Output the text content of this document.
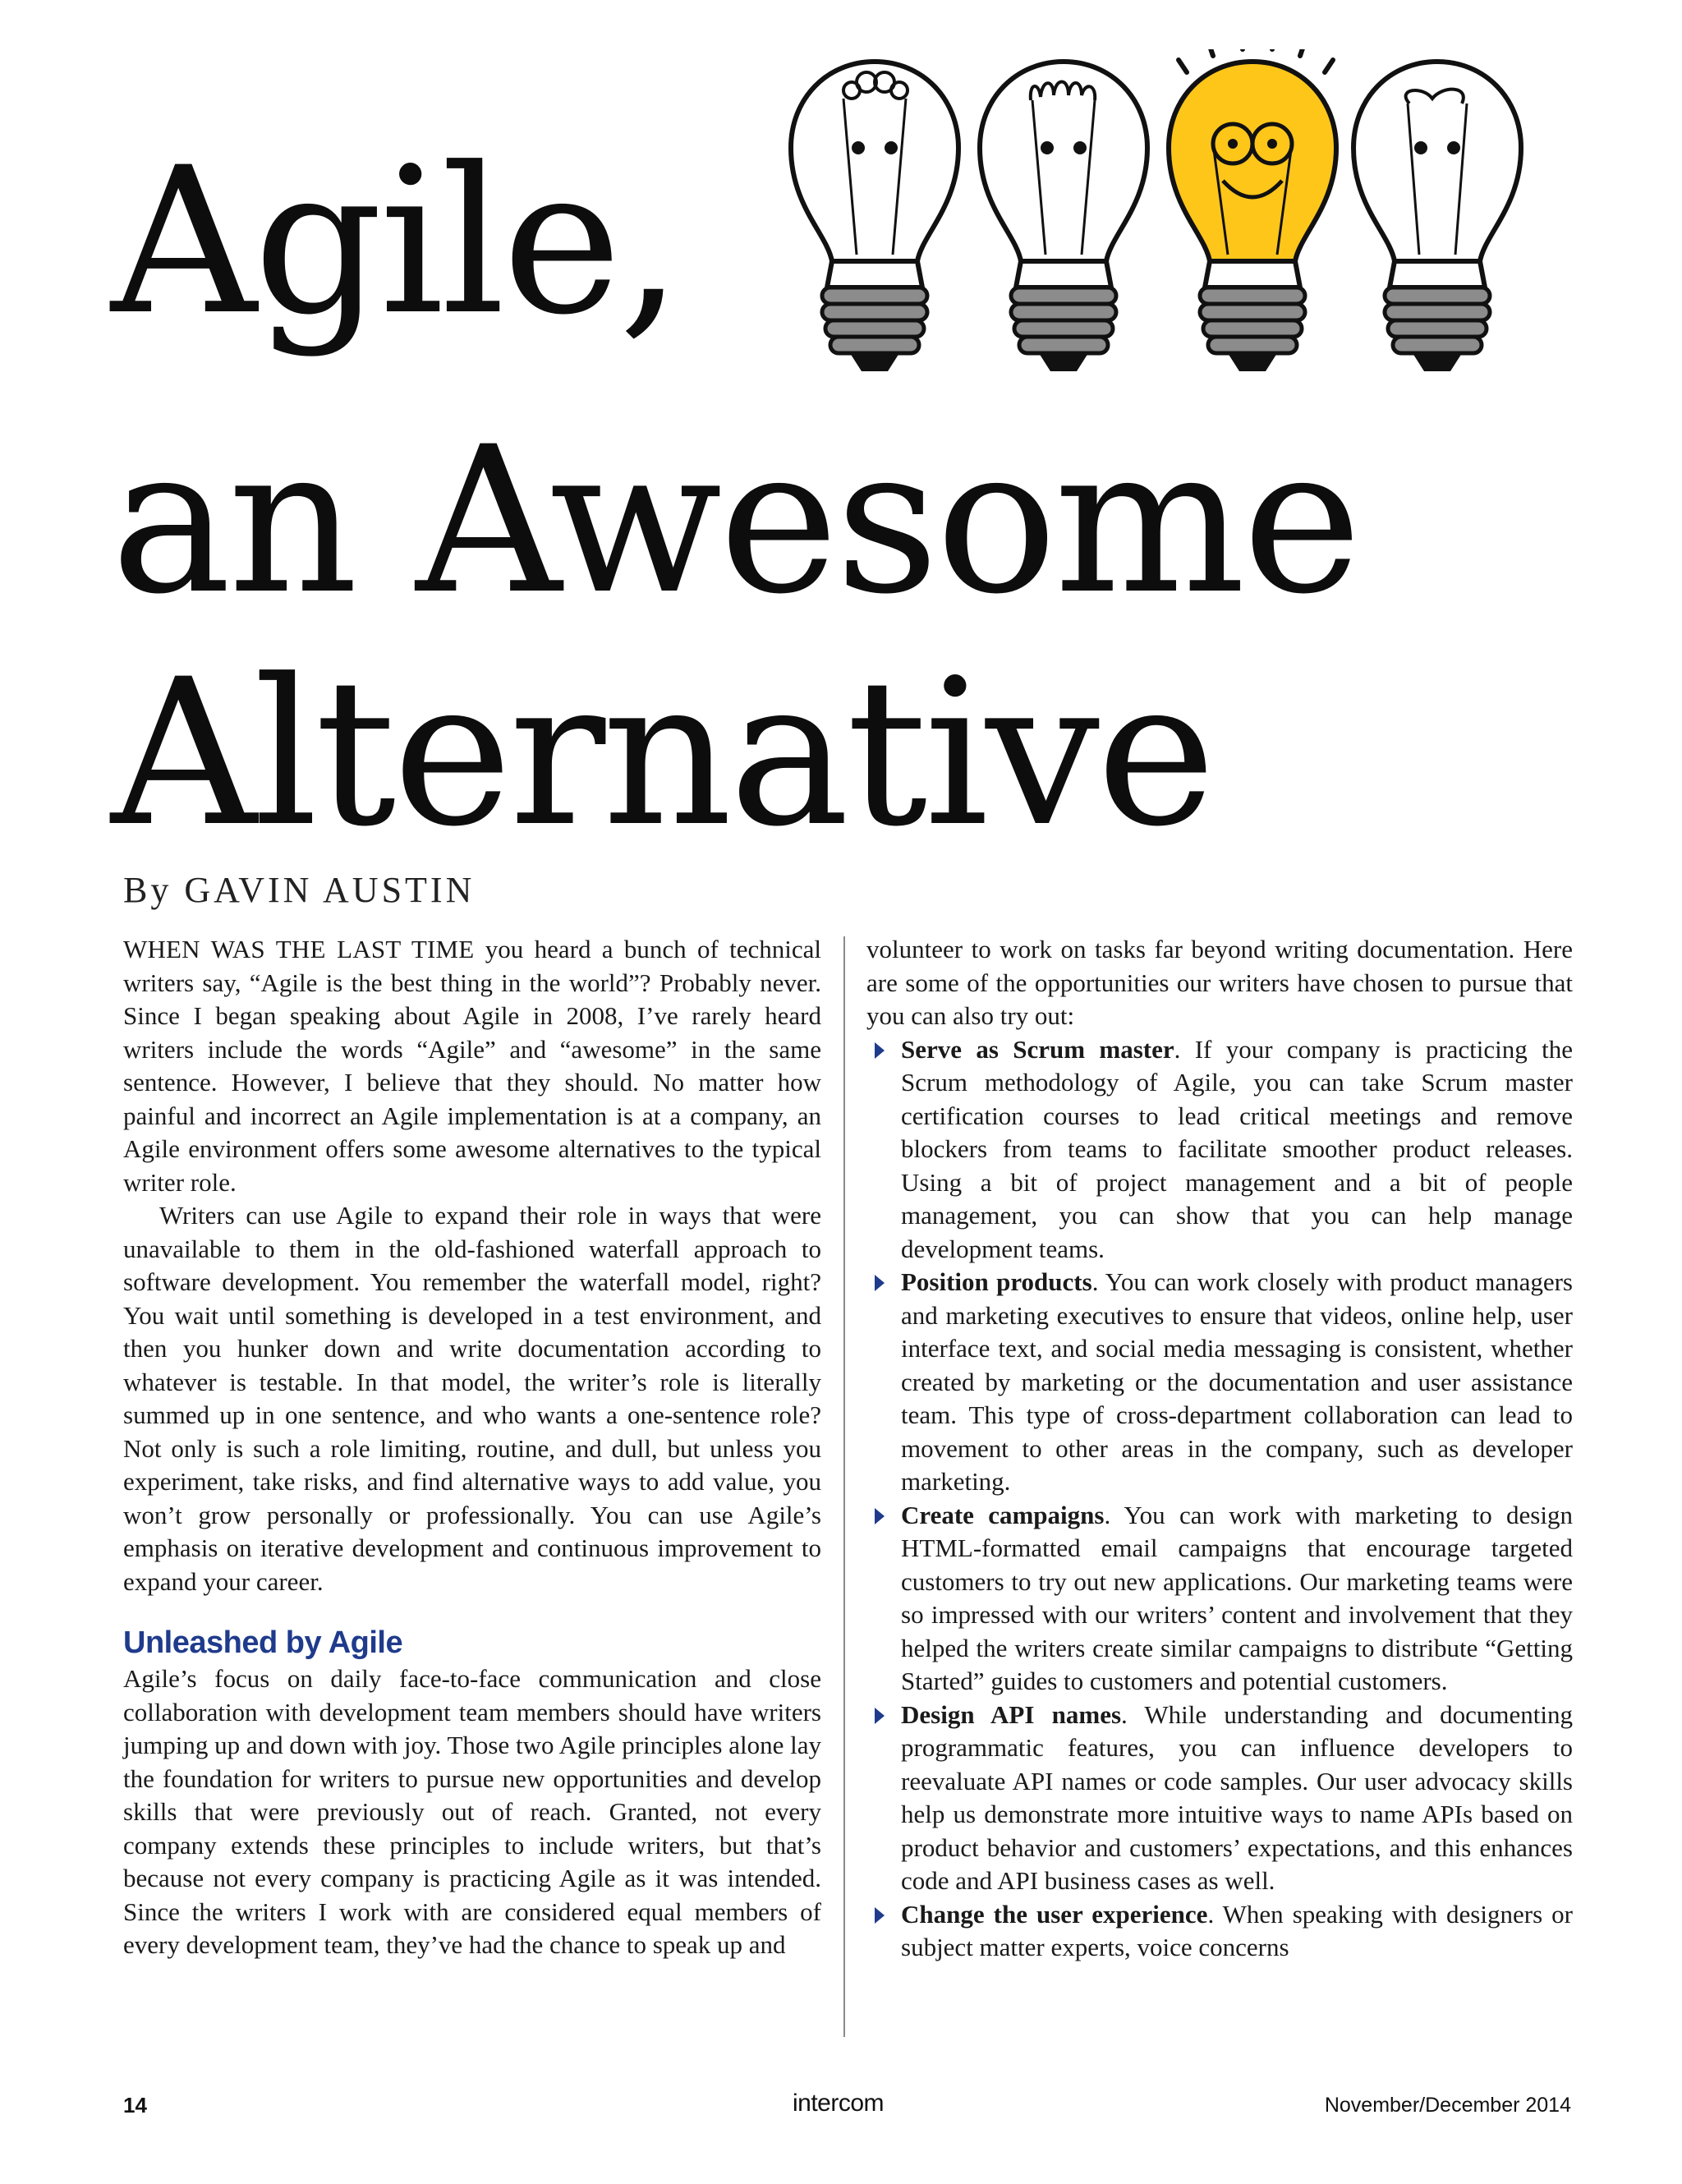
Agile,
an Awesome
Alternative

By GAVIN AUSTIN

WHEN WAS THE LAST TIME you heard a bunch of technical writers say, “Agile is the best thing in the world”? Probably never. Since I began speaking about Agile in 2008, I’ve rarely heard writers include the words “Agile” and “awesome” in the same sentence. However, I believe that they should. No matter how painful and incorrect an Agile implementation is at a company, an Agile environment offers some awesome alternatives to the typical writer role.

Writers can use Agile to expand their role in ways that were unavailable to them in the old-fashioned waterfall approach to software development. You remember the waterfall model, right? You wait until something is developed in a test environment, and then you hunker down and write documentation according to whatever is testable. In that model, the writer’s role is literally summed up in one sentence, and who wants a one-sentence role? Not only is such a role limiting, routine, and dull, but unless you experiment, take risks, and find alternative ways to add value, you won’t grow personally or professionally. You can use Agile’s emphasis on iterative development and continuous improvement to expand your career.

Unleashed by Agile

Agile’s focus on daily face-to-face communication and close collaboration with development team members should have writers jumping up and down with joy. Those two Agile principles alone lay the foundation for writers to pursue new opportunities and develop skills that were previously out of reach. Granted, not every company extends these principles to include writers, but that’s because not every company is practicing Agile as it was intended. Since the writers I work with are considered equal members of every development team, they’ve had the chance to speak up and

volunteer to work on tasks far beyond writing documentation. Here are some of the opportunities our writers have chosen to pursue that you can also try out:

Serve as Scrum master. If your company is practicing the Scrum methodology of Agile, you can take Scrum master certification courses to lead critical meetings and remove blockers from teams to facilitate smoother product releases. Using a bit of project management and a bit of people management, you can show that you can help manage development teams.
Position products. You can work closely with product managers and marketing executives to ensure that videos, online help, user interface text, and social media messaging is consistent, whether created by marketing or the documentation and user assistance team. This type of cross-department collaboration can lead to movement to other areas in the company, such as developer marketing.
Create campaigns. You can work with marketing to design HTML-formatted email campaigns that encourage targeted customers to try out new applications. Our marketing teams were so impressed with our writers’ content and involvement that they helped the writers create similar campaigns to distribute “Getting Started” guides to customers and potential customers.
Design API names. While understanding and documenting programmatic features, you can influence developers to reevaluate API names or code samples. Our user advocacy skills help us demonstrate more intuitive ways to name APIs based on product behavior and customers’ expectations, and this enhances code and API business cases as well.
Change the user experience. When speaking with designers or subject matter experts, voice concerns
14	intercom	November/December 2014
